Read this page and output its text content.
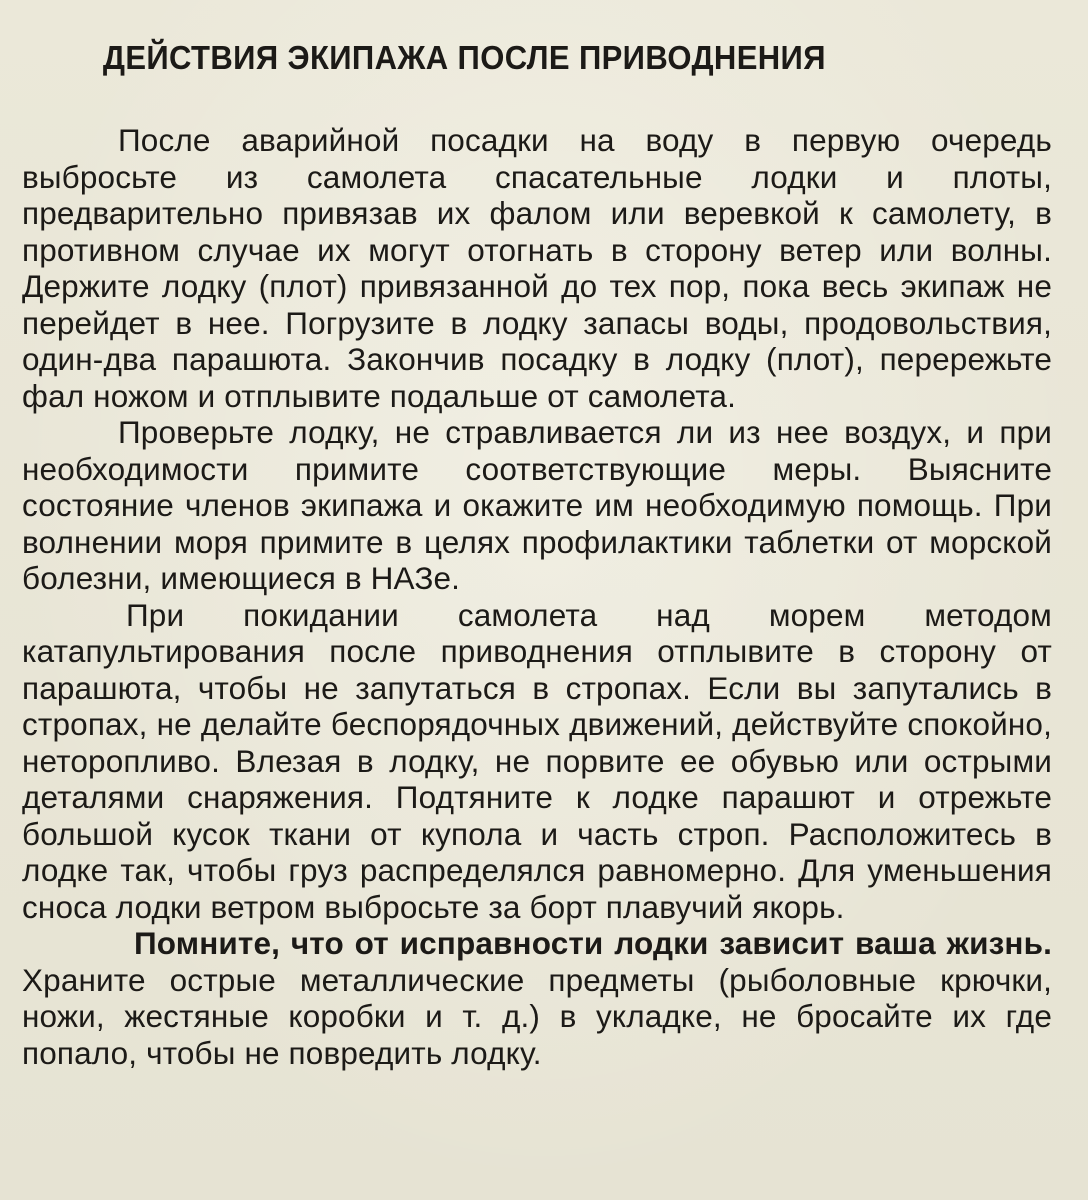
ДЕЙСТВИЯ ЭКИПАЖА ПОСЛЕ ПРИВОДНЕНИЯ

После аварийной посадки на воду в первую очередь выбросьте из самолета спасательные лодки и плоты, предварительно привязав их фалом или веревкой к самолету, в противном случае их могут отогнать в сторону ветер или волны. Держите лодку (плот) привязанной до тех пор, пока весь экипаж не перейдет в нее. Погрузите в лодку запасы воды, продовольствия, один-два парашюта. Закончив посадку в лодку (плот), перережьте фал ножом и отплывите подальше от самолета.

Проверьте лодку, не стравливается ли из нее воздух, и при необходимости примите соответствующие меры. Выясните состояние членов экипажа и окажите им необходимую помощь. При волнении моря примите в целях профилактики таблетки от морской болезни, имеющиеся в НАЗе.

При покидании самолета над морем методом катапультирования после приводнения отплывите в сторону от парашюта, чтобы не запутаться в стропах. Если вы запутались в стропах, не делайте беспорядочных движений, действуйте спокойно, неторопливо. Влезая в лодку, не порвите ее обувью или острыми деталями снаряжения. Подтяните к лодке парашют и отрежьте большой кусок ткани от купола и часть строп. Расположитесь в лодке так, чтобы груз распределялся равномерно. Для уменьшения сноса лодки ветром выбросьте за борт плавучий якорь.

Помните, что от исправности лодки зависит ваша жизнь. Храните острые металлические предметы (рыболовные крючки, ножи, жестяные коробки и т. д.) в укладке, не бросайте их где попало, чтобы не повредить лодку.
